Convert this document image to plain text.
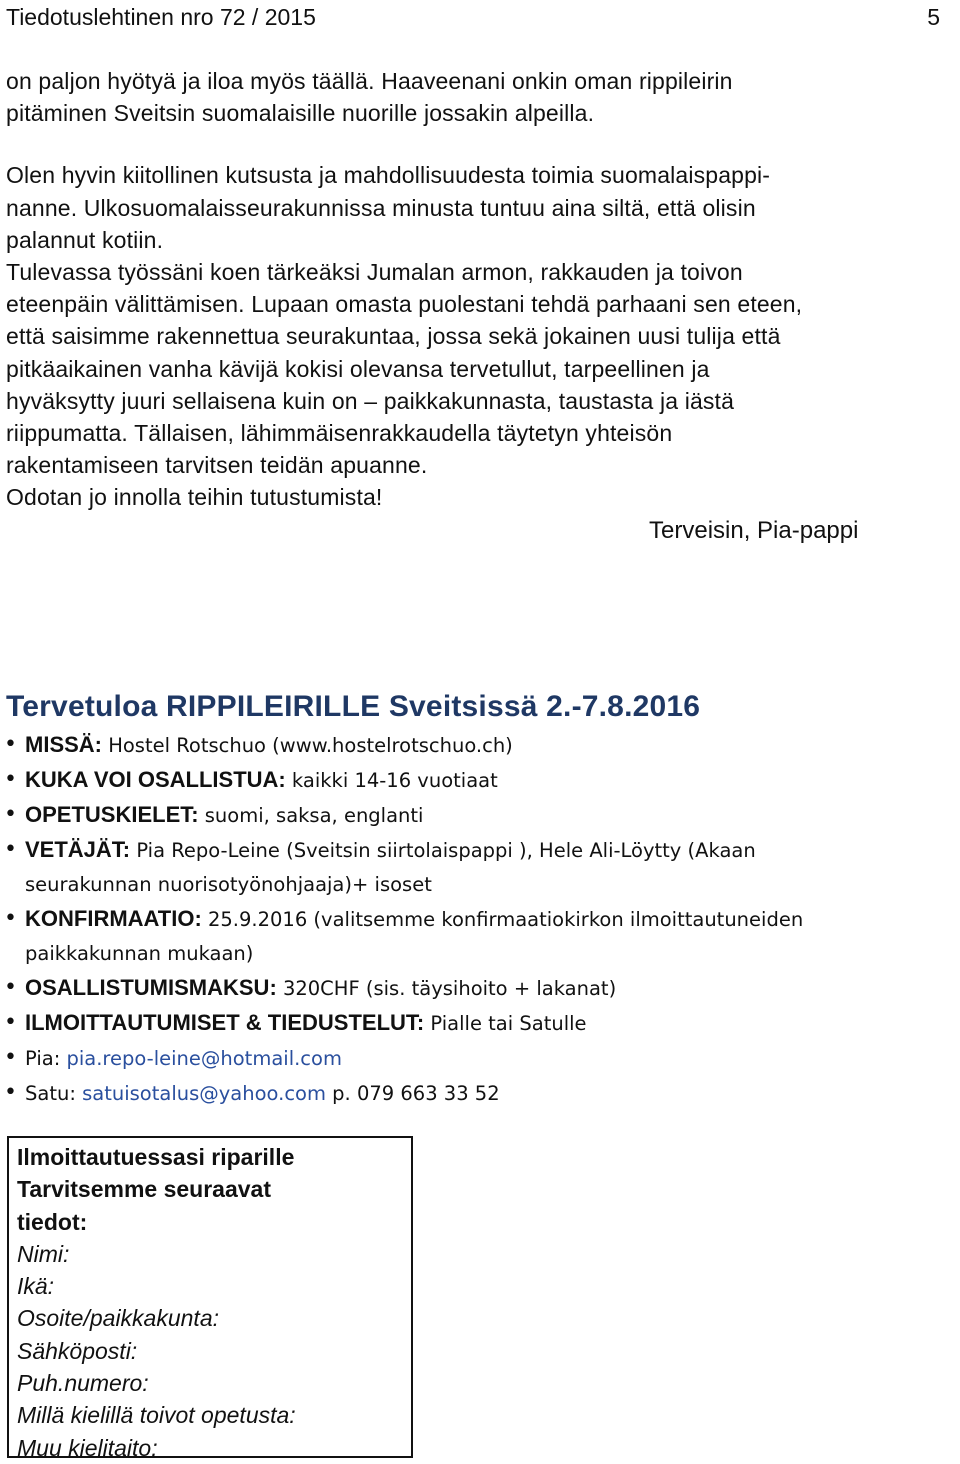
Tiedotuslehtinen nro 72 / 2015	5
on paljon hyötyä ja iloa myös täällä. Haaveenani onkin oman rippileirin
pitäminen Sveitsin suomalaisille nuorille jossakin alpeilla.
Olen hyvin kiitollinen kutsusta ja mahdollisuudesta toimia suomalaispappi-
nanne. Ulkosuomalaisseurakunnissa minusta tuntuu aina siltä, että olisin
palannut kotiin.
Tulevassa työssäni koen tärkeäksi Jumalan armon, rakkauden ja toivon
eteenpäin välittämisen. Lupaan omasta puolestani tehdä parhaani sen eteen,
että saisimme rakennettua seurakuntaa, jossa sekä jokainen uusi tulija että
pitkäaikainen vanha kävijä kokisi olevansa tervetullut, tarpeellinen ja
hyväksytty juuri sellaisena kuin on – paikkakunnasta, taustasta ja iästä
riippumatta. Tällaisen, lähimmäisenrakkaudella täytetyn yhteisön
rakentamiseen tarvitsen teidän apuanne.
Odotan jo innolla teihin tutustumista!
Terveisin, Pia-pappi
Tervetuloa RIPPILEIRILLE Sveitsissä 2.-7.8.2016
• MISSÄ: Hostel Rotschuo (www.hostelrotschuo.ch)
• KUKA VOI OSALLISTUA: kaikki 14-16 vuotiaat
• OPETUSKIELET: suomi, saksa, englanti
• VETÄJÄT: Pia Repo-Leine (Sveitsin siirtolaispappi ), Hele Ali-Löytty (Akaan
seurakunnan nuorisotyönohjaaja)+ isoset
• KONFIRMAATIO: 25.9.2016 (valitsemme konfirmaatiokirkon ilmoittautuneiden
paikkakunnan mukaan)
• OSALLISTUMISMAKSU: 320CHF (sis. täysihoito + lakanat)
• ILMOITTAUTUMISET & TIEDUSTELUT: Pialle tai Satulle
• Pia: pia.repo-leine@hotmail.com
• Satu: satuisotalus@yahoo.com p. 079 663 33 52
Ilmoittautuessasi riparille
Tarvitsemme seuraavat
tiedot:
Nimi:
Ikä:
Osoite/paikkakunta:
Sähköposti:
Puh.numero:
Millä kielillä toivot opetusta:
Muu kielitaito:
